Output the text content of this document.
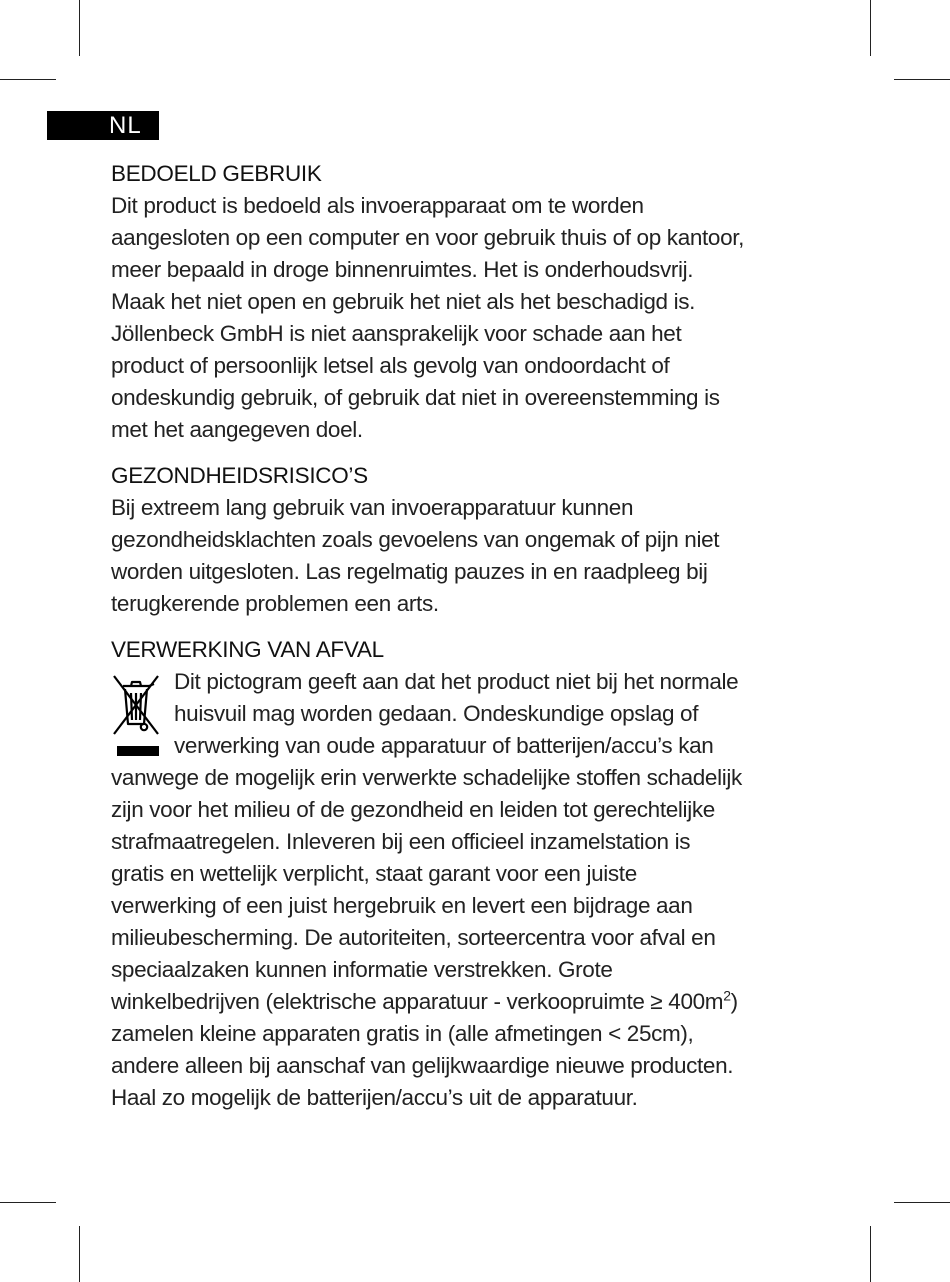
NL
BEDOELD GEBRUIK

Dit product is bedoeld als invoerapparaat om te worden

aangesloten op een computer en voor gebruik thuis of op kantoor,

meer bepaald in droge binnenruimtes. Het is onderhoudsvrij.

Maak het niet open en gebruik het niet als het beschadigd is.

Jöllenbeck GmbH is niet aansprakelijk voor schade aan het

product of persoonlijk letsel als gevolg van ondoordacht of

ondeskundig gebruik, of gebruik dat niet in overeenstemming is

met het aangegeven doel.

GEZONDHEIDSRISICO’S

Bij extreem lang gebruik van invoerapparatuur kunnen

gezondheidsklachten zoals gevoelens van ongemak of pijn niet

worden uitgesloten. Las regelmatig pauzes in en raadpleeg bij

terugkerende problemen een arts.

VERWERKING VAN AFVAL

Dit pictogram geeft aan dat het product niet bij het normale

huisvuil mag worden gedaan. Ondeskundige opslag of

verwerking van oude apparatuur of batterijen/accu’s kan

vanwege de mogelijk erin verwerkte schadelijke stoffen schadelijk

zijn voor het milieu of de gezondheid en leiden tot gerechtelijke

strafmaatregelen. Inleveren bij een officieel inzamelstation is

gratis en wettelijk verplicht, staat garant voor een juiste

verwerking of een juist hergebruik en levert een bijdrage aan

milieubescherming. De autoriteiten, sorteercentra voor afval en

speciaalzaken kunnen informatie verstrekken. Grote

winkelbedrijven (elektrische apparatuur - verkoopruimte ≥ $400m^2$)

zamelen kleine apparaten gratis in (alle afmetingen < 25cm),

andere alleen bij aanschaf van gelijkwaardige nieuwe producten.

Haal zo mogelijk de batterijen/accu’s uit de apparatuur.
